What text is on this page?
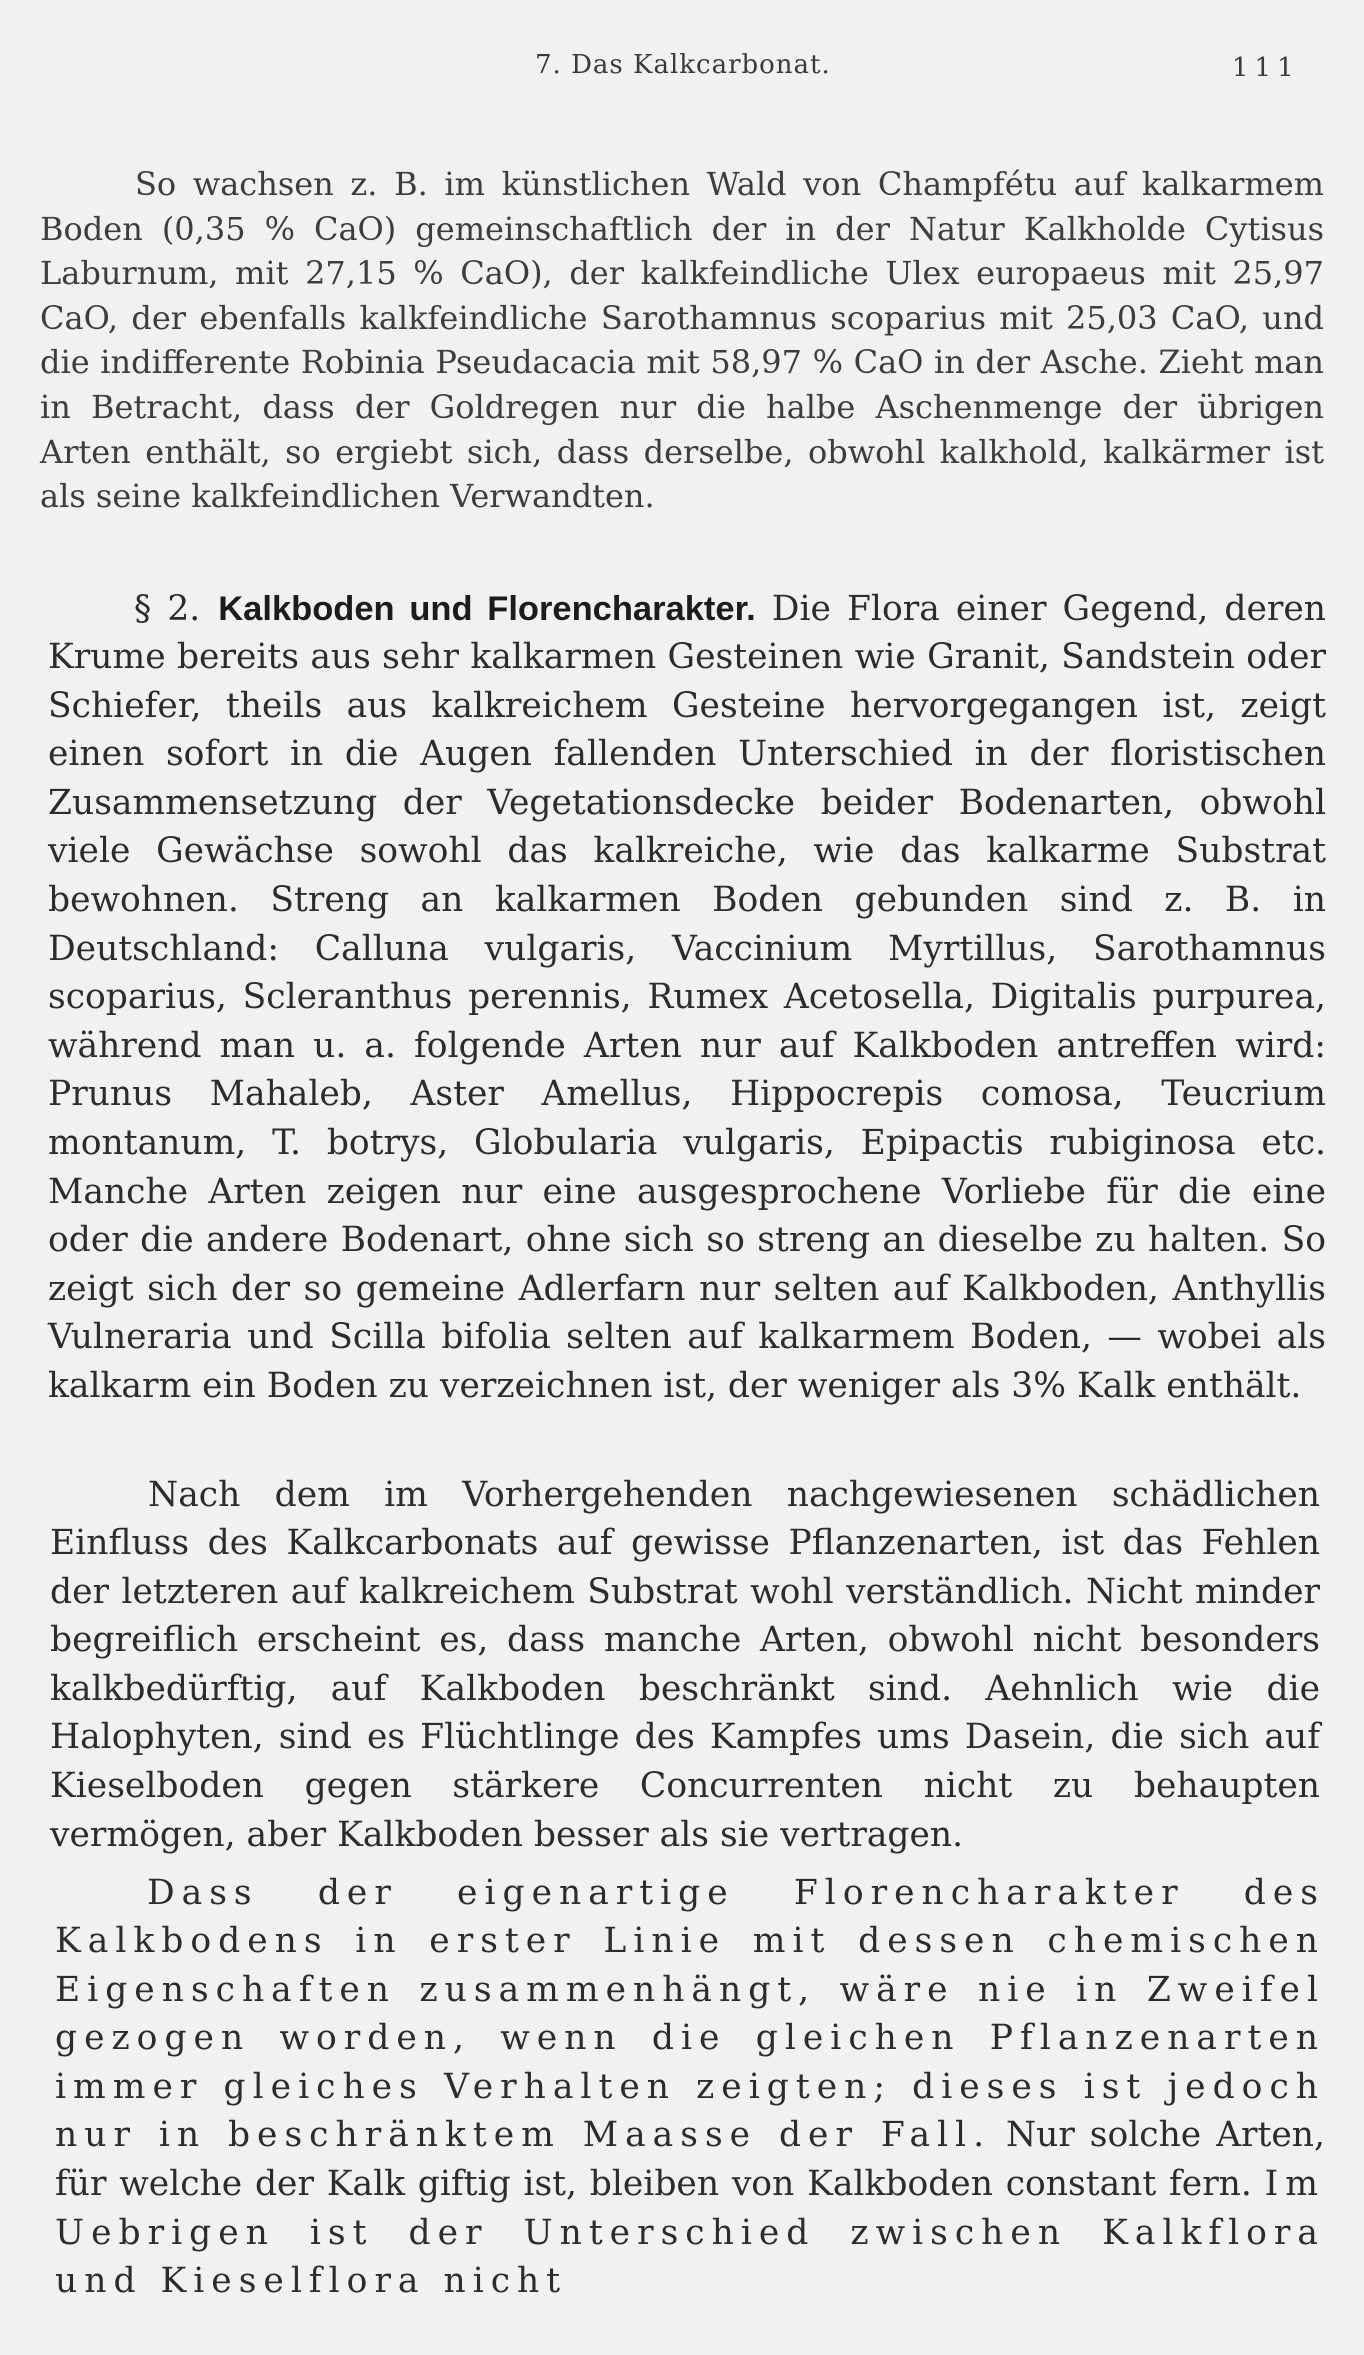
7. Das Kalkcarbonat.	111

So wachsen z. B. im künstlichen Wald von Champfétu auf kalkarmem Boden (0,35 % CaO) gemeinschaftlich der in der Natur Kalkholde Cytisus Laburnum, mit 27,15 % CaO), der kalkfeindliche Ulex europaeus mit 25,97 CaO, der ebenfalls kalkfeindliche Sarothamnus scoparius mit 25,03 CaO, und die indifferente Robinia Pseudacacia mit 58,97 % CaO in der Asche. Zieht man in Betracht, dass der Goldregen nur die halbe Aschenmenge der übrigen Arten enthält, so ergiebt sich, dass derselbe, obwohl kalkhold, kalkärmer ist als seine kalkfeindlichen Verwandten.

§ 2. Kalkboden und Florencharakter. Die Flora einer Gegend, deren Krume bereits aus sehr kalkarmen Gesteinen wie Granit, Sandstein oder Schiefer, theils aus kalkreichem Gesteine hervorgegangen ist, zeigt einen sofort in die Augen fallenden Unterschied in der floristischen Zusammensetzung der Vegetationsdecke beider Bodenarten, obwohl viele Gewächse sowohl das kalkreiche, wie das kalkarme Substrat bewohnen. Streng an kalkarmen Boden gebunden sind z. B. in Deutschland: Calluna vulgaris, Vaccinium Myrtillus, Sarothamnus scoparius, Scleranthus perennis, Rumex Acetosella, Digitalis purpurea, während man u. a. folgende Arten nur auf Kalkboden antreffen wird: Prunus Mahaleb, Aster Amellus, Hippocrepis comosa, Teucrium montanum, T. botrys, Globularia vulgaris, Epipactis rubiginosa etc. Manche Arten zeigen nur eine ausgesprochene Vorliebe für die eine oder die andere Bodenart, ohne sich so streng an dieselbe zu halten. So zeigt sich der so gemeine Adlerfarn nur selten auf Kalkboden, Anthyllis Vulneraria und Scilla bifolia selten auf kalkarmem Boden, — wobei als kalkarm ein Boden zu verzeichnen ist, der weniger als 3% Kalk enthält.

Nach dem im Vorhergehenden nachgewiesenen schädlichen Einfluss des Kalkcarbonats auf gewisse Pflanzenarten, ist das Fehlen der letzteren auf kalkreichem Substrat wohl verständlich. Nicht minder begreiflich erscheint es, dass manche Arten, obwohl nicht besonders kalkbedürftig, auf Kalkboden beschränkt sind. Aehnlich wie die Halophyten, sind es Flüchtlinge des Kampfes ums Dasein, die sich auf Kieselboden gegen stärkere Concurrenten nicht zu behaupten vermögen, aber Kalkboden besser als sie vertragen.

Dass der eigenartige Florencharakter des Kalkbodens in erster Linie mit dessen chemischen Eigenschaften zusammenhängt, wäre nie in Zweifel gezogen worden, wenn die gleichen Pflanzenarten immer gleiches Verhalten zeigten; dieses ist jedoch nur in beschränktem Maasse der Fall. Nur solche Arten, für welche der Kalk giftig ist, bleiben von Kalkboden constant fern. Im Uebrigen ist der Unterschied zwischen Kalkflora und Kieselflora nicht
